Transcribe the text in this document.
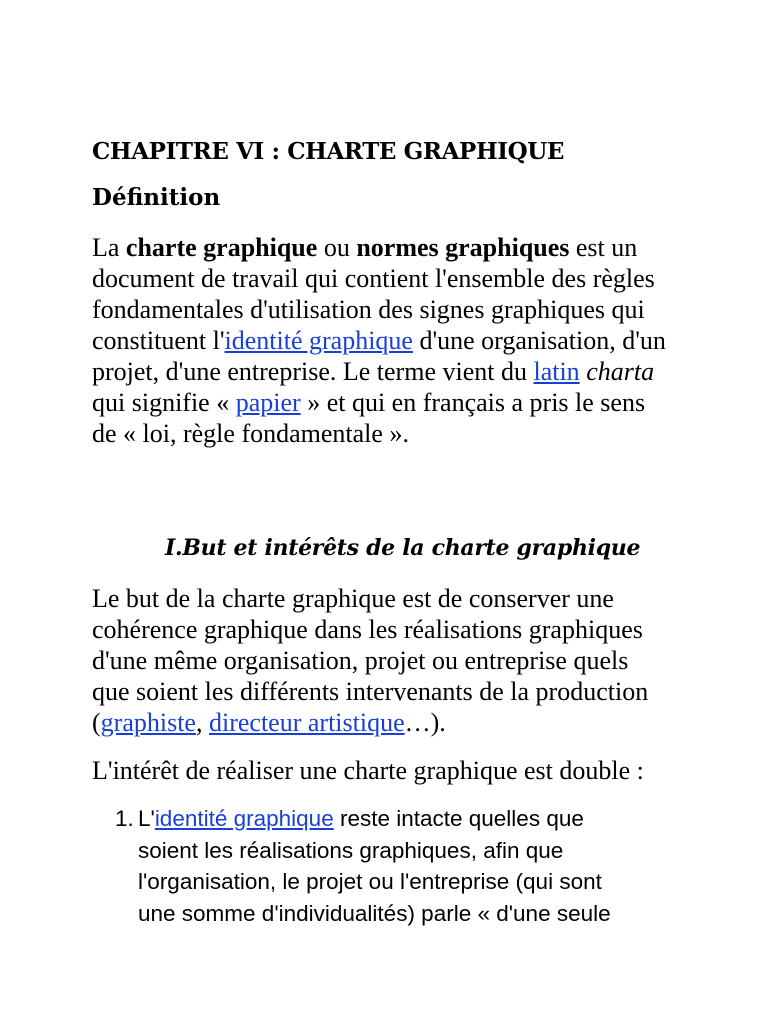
CHAPITRE VI : CHARTE GRAPHIQUE
Définition

La charte graphique ou normes graphiques est un
document de travail qui contient l'ensemble des règles
fondamentales d'utilisation des signes graphiques qui
constituent l'identité graphique d'une organisation, d'un
projet, d'une entreprise. Le terme vient du latin charta
qui signifie « papier » et qui en français a pris le sens
de « loi, règle fondamentale ».

I.But et intérêts de la charte graphique

Le but de la charte graphique est de conserver une
cohérence graphique dans les réalisations graphiques
d'une même organisation, projet ou entreprise quels
que soient les différents intervenants de la production
(graphiste, directeur artistique…).

L'intérêt de réaliser une charte graphique est double :

1. L'identité graphique reste intacte quelles que
soient les réalisations graphiques, afin que
l'organisation, le projet ou l'entreprise (qui sont
une somme d'individualités) parle « d'une seule
